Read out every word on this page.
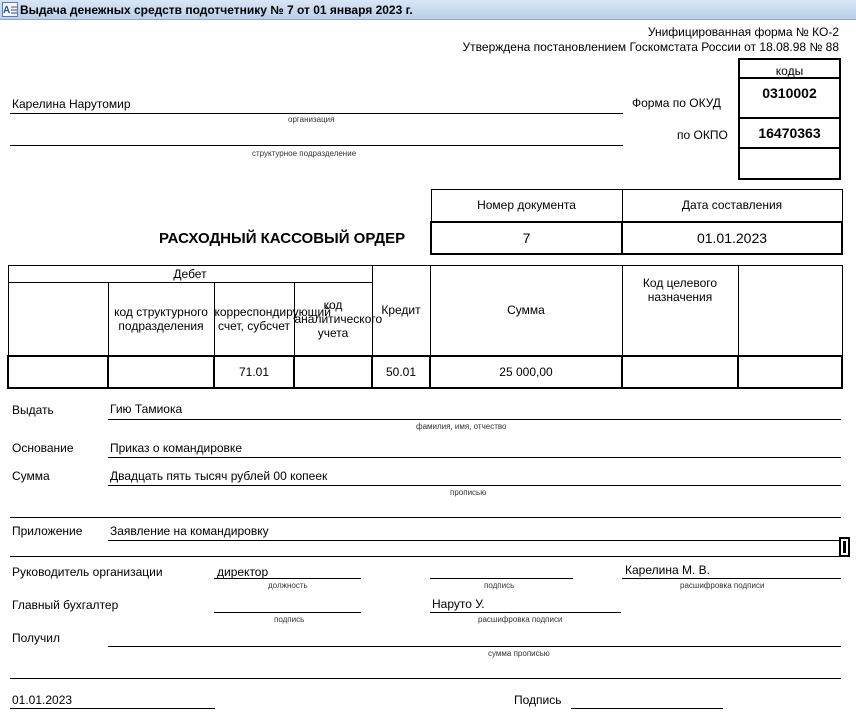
A Выдача денежных средств подотчетнику № 7 от 01 января 2023 г.
Унифицированная форма № КО-2
Утверждена постановлением Госкомстата России от 18.08.98 № 88
коды
0310002
16470363
Форма по ОКУД
по ОКПО
Карелина Нарутомир
организация
структурное подразделение
Номер документа	Дата составления
7	01.01.2023
РАСХОДНЫЙ КАССОВЫЙ ОРДЕР
Дебет				Кредит	Сумма	Код целевого назначения	
	код структурного подразделения	корреспондирующий счет, субсчет	код аналитического учета				
		71.01		50.01	25 000,00		
Выдать	Гию Тамиока
фамилия, имя, отчество
Основание	Приказ о командировке
Сумма	Двадцать пять тысяч рублей 00 копеек
прописью
Приложение Заявление на командировку
Руководитель организации	директор
должность	подпись
Карелина М. В.
расшифровка подписи
Главный бухгалтер
подпись
Наруто У.
расшифровка подписи
Получил
сумма прописью
01.01.2023	Подпись
